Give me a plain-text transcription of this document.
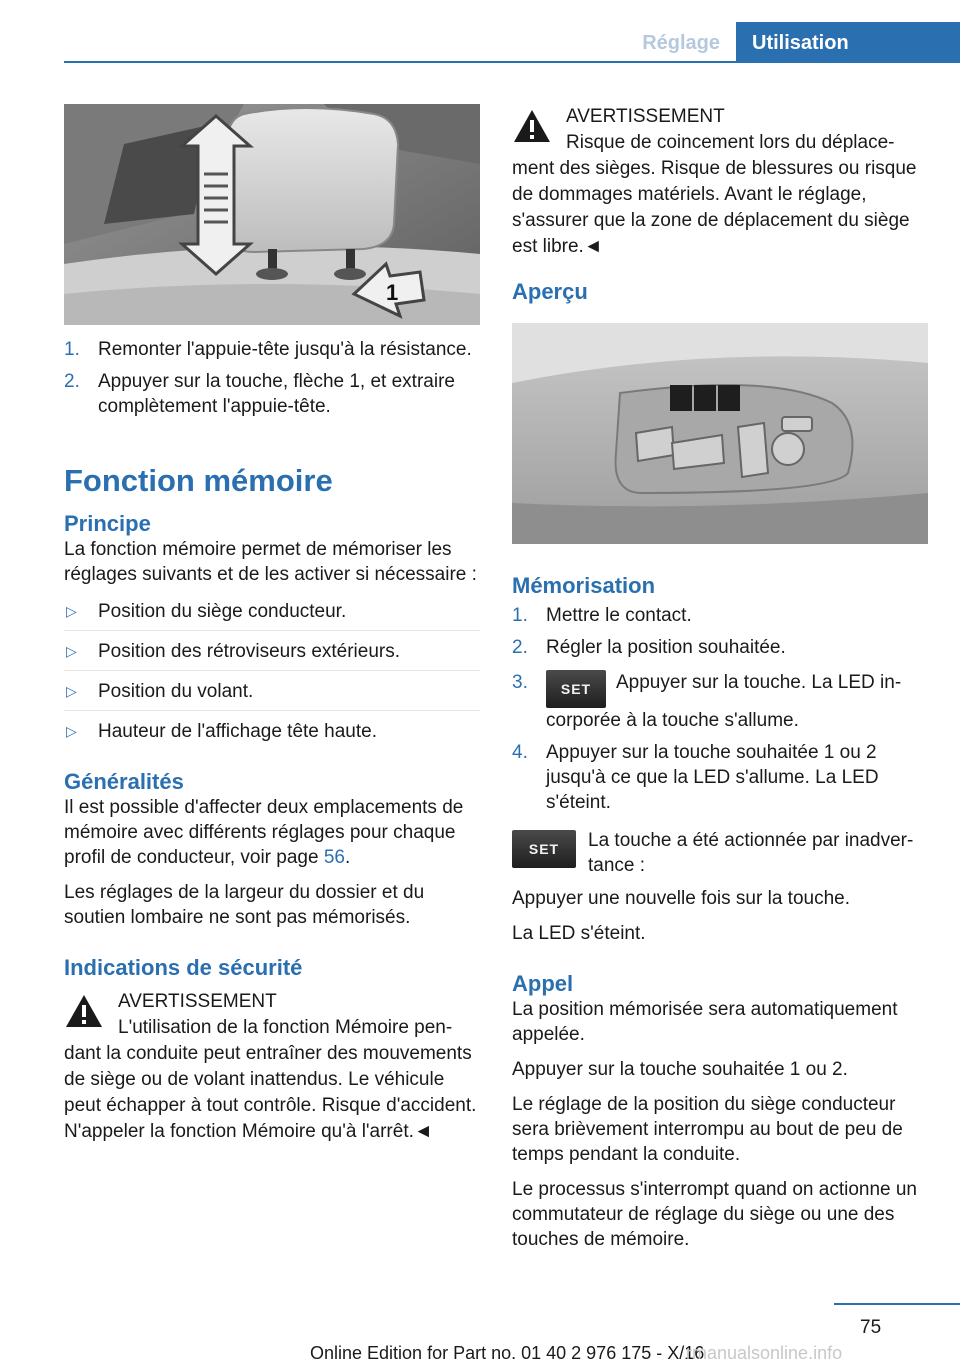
Réglage	Utilisation
1
1. Remonter l'appuie-tête jusqu'à la résistance.
2. Appuyer sur la touche, flèche 1, et extraire complètement l'appuie-tête.
Fonction mémoire
Principe
La fonction mémoire permet de mémoriser les réglages suivants et de les activer si nécessaire :
▷ Position du siège conducteur.
▷ Position des rétroviseurs extérieurs.
▷ Position du volant.
▷ Hauteur de l'affichage tête haute.
Généralités
Il est possible d'affecter deux emplacements de mémoire avec différents réglages pour chaque profil de conducteur, voir page 56.
Les réglages de la largeur du dossier et du soutien lombaire ne sont pas mémorisés.
Indications de sécurité
AVERTISSEMENT
L'utilisation de la fonction Mémoire pendant la conduite peut entraîner des mouvements de siège ou de volant inattendus. Le véhicule peut échapper à tout contrôle. Risque d'accident. N'appeler la fonction Mémoire qu'à l'arrêt.◄
AVERTISSEMENT
Risque de coincement lors du déplacement des sièges. Risque de blessures ou risque de dommages matériels. Avant le réglage, s'assurer que la zone de déplacement du siège est libre.◄
Aperçu
Mémorisation
1. Mettre le contact.
2. Régler la position souhaitée.
3. SET Appuyer sur la touche. La LED incorporée à la touche s'allume.
4. Appuyer sur la touche souhaitée 1 ou 2 jusqu'à ce que la LED s'allume. La LED s'éteint.
SET	La touche a été actionnée par inadvertance :
Appuyer une nouvelle fois sur la touche.
La LED s'éteint.
Appel
La position mémorisée sera automatiquement appelée.
Appuyer sur la touche souhaitée 1 ou 2.
Le réglage de la position du siège conducteur sera brièvement interrompu au bout de peu de temps pendant la conduite.
Le processus s'interrompt quand on actionne un commutateur de réglage du siège ou une des touches de mémoire.
75
Online Edition for Part no. 01 40 2 976 175 - X/16
rmanualsonline.info
